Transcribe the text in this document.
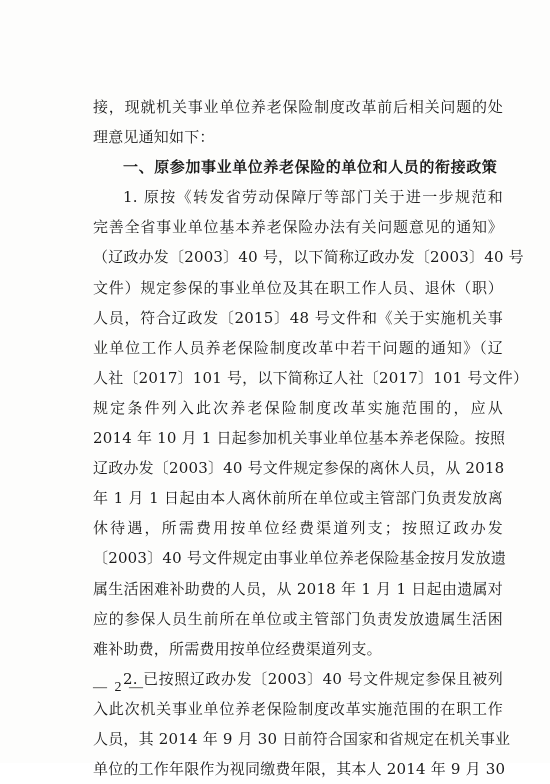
接，现就机关事业单位养老保险制度改革前后相关问题的处
理意见通知如下：
一、原参加事业单位养老保险的单位和人员的衔接政策
1. 原按《转发省劳动保障厅等部门关于进一步规范和
完善全省事业单位基本养老保险办法有关问题意见的通知》
（辽政办发〔2003〕40 号，以下简称辽政办发〔2003〕40 号
文件）规定参保的事业单位及其在职工作人员、退休（职）
人员，符合辽政发〔2015〕48 号文件和《关于实施机关事
业单位工作人员养老保险制度改革中若干问题的通知》（辽
人社〔2017〕101 号，以下简称辽人社〔2017〕101 号文件）
规定条件列入此次养老保险制度改革实施范围的，应从
2014 年 10 月 1 日起参加机关事业单位基本养老保险。按照
辽政办发〔2003〕40 号文件规定参保的离休人员，从 2018
年 1 月 1 日起由本人离休前所在单位或主管部门负责发放离
休待遇，所需费用按单位经费渠道列支；按照辽政办发
〔2003〕40 号文件规定由事业单位养老保险基金按月发放遗
属生活困难补助费的人员，从 2018 年 1 月 1 日起由遗属对
应的参保人员生前所在单位或主管部门负责发放遗属生活困
难补助费，所需费用按单位经费渠道列支。
2. 已按照辽政办发〔2003〕40 号文件规定参保且被列
入此次机关事业单位养老保险制度改革实施范围的在职工作
人员，其 2014 年 9 月 30 日前符合国家和省规定在机关事业
单位的工作年限作为视同缴费年限，其本人 2014 年 9 月 30
— 2 —
